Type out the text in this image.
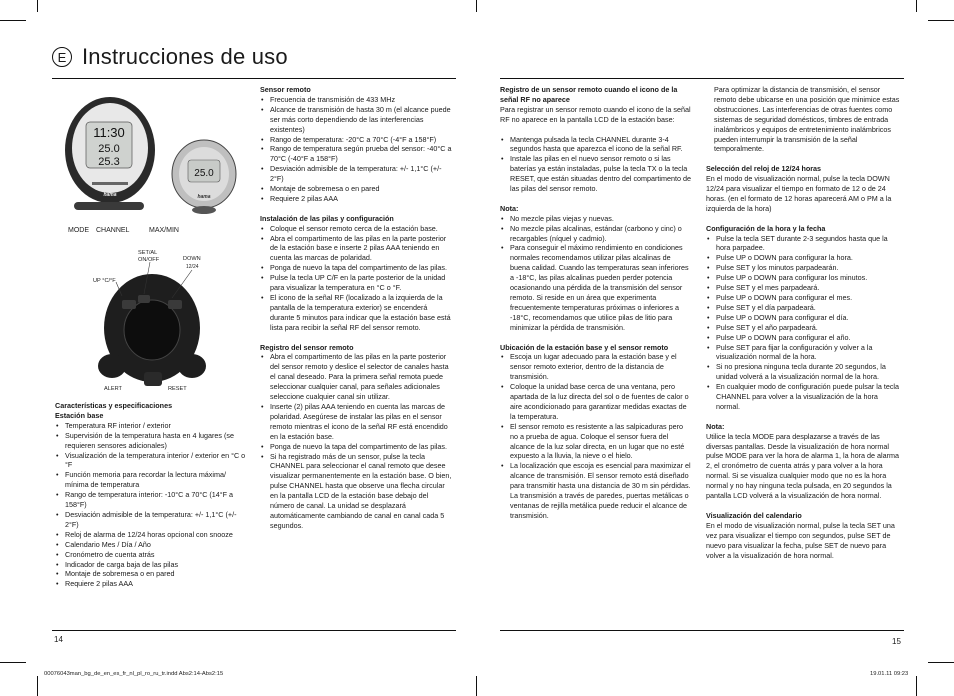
E Instrucciones de uso
11:30
25.0
25.3
hama
25.0
hama
MODE CHANNEL	MAX/MIN
SET/AL
ON/OFF	DOWN
12/24
UP °C/°F
ALERT	RESET
Características y especificaciones
Estación base
• Temperatura RF interior / exterior
• Supervisión de la temperatura hasta en 4 lugares (se requieren sensores adicionales)
• Visualización de la temperatura interior / exterior en °C o °F
• Función memoria para recordar la lectura máxima/ mínima de temperatura
• Rango de temperatura interior: -10°C a 70°C (14°F a 158°F)
• Desviación admisible de la temperatura: +/- 1,1°C (+/- 2°F)
• Reloj de alarma de 12/24 horas opcional con snooze
• Calendario Mes / Día / Año
• Cronómetro de cuenta atrás
• Indicador de carga baja de las pilas
• Montaje de sobremesa o en pared
• Requiere 2 pilas AAA
Sensor remoto
• Frecuencia de transmisión de 433 MHz
• Alcance de transmisión de hasta 30 m (el alcance puede ser más corto dependiendo de las interferencias existentes)
• Rango de temperatura: -20°C a 70°C (-4°F a 158°F)
• Rango de temperatura según prueba del sensor: -40°C a 70°C (-40°F a 158°F)
• Desviación admisible de la temperatura: +/- 1,1°C (+/- 2°F)
• Montaje de sobremesa o en pared
• Requiere 2 pilas AAA
Instalación de las pilas y configuración
• Coloque el sensor remoto cerca de la estación base.
• Abra el compartimento de las pilas en la parte posterior de la estación base e inserte 2 pilas AAA teniendo en cuenta las marcas de polaridad.
• Ponga de nuevo la tapa del compartimento de las pilas.
• Pulse la tecla UP C/F en la parte posterior de la unidad para visualizar la temperatura en °C o °F.
• El icono de la señal RF (localizado a la izquierda de la pantalla de la temperatura exterior) se encenderá durante 5 minutos para indicar que la estación base está lista para recibir la señal RF del sensor remoto.
Registro del sensor remoto
• Abra el compartimento de las pilas en la parte posterior del sensor remoto y deslice el selector de canales hasta el canal deseado. Para la primera señal remota puede seleccionar cualquier canal, para señales adicionales seleccione cualquier canal sin utilizar.
• Inserte (2) pilas AAA teniendo en cuenta las marcas de polaridad. Asegúrese de instalar las pilas en el sensor remoto mientras el icono de la señal RF está encendido en la estación base.
• Ponga de nuevo la tapa del compartimento de las pilas.
• Si ha registrado más de un sensor, pulse la tecla CHANNEL para seleccionar el canal remoto que desee visualizar permanentemente en la estación base. O bien, pulse CHANNEL hasta que observe una flecha circular en la pantalla LCD de la estación base debajo del número de canal. La unidad se desplazará automáticamente cambiando de canal en canal cada 5 segundos.
Registro de un sensor remoto cuando el icono de la señal RF no aparece

Para registrar un sensor remoto cuando el icono de la señal RF no aparece en la pantalla LCD de la estación base:

• Mantenga pulsada la tecla CHANNEL durante 3-4 segundos hasta que aparezca el icono de la señal RF.
• Instale las pilas en el nuevo sensor remoto o si las baterías ya están instaladas, pulse la tecla TX o la tecla RESET, que están situadas dentro del compartimento de las pilas del sensor remoto.
Nota:
• No mezcle pilas viejas y nuevas.
• No mezcle pilas alcalinas, estándar (carbono y cinc) o recargables (níquel y cadmio).
• Para conseguir el máximo rendimiento en condiciones normales recomendamos utilizar pilas alcalinas de buena calidad. Cuando las temperaturas sean inferiores a -18°C, las pilas alcalinas pueden perder potencia ocasionando una pérdida de la transmisión del sensor remoto. Si reside en un área que experimenta frecuentemente temperaturas próximas o inferiores a -18°C, recomendamos que utilice pilas de litio para minimizar la pérdida de transmisión.
Ubicación de la estación base y el sensor remoto
• Escoja un lugar adecuado para la estación base y el sensor remoto exterior, dentro de la distancia de transmisión.
• Coloque la unidad base cerca de una ventana, pero apartada de la luz directa del sol o de fuentes de calor o aire acondicionado para garantizar medidas exactas de la temperatura.
• El sensor remoto es resistente a las salpicaduras pero no a prueba de agua. Coloque el sensor fuera del alcance de la luz solar directa, en un lugar que no esté expuesto a la lluvia, la nieve o el hielo.
• La localización que escoja es esencial para maximizar el alcance de transmisión. El sensor remoto está diseñado para transmitir hasta una distancia de 30 m sin pérdidas. La transmisión a través de paredes, puertas metálicas o ventanas de rejilla metálica puede reducir el alcance de transmisión.

Para optimizar la distancia de transmisión, el sensor remoto debe ubicarse en una posición que minimice estas obstrucciones. Las interferencias de otras fuentes como sistemas de seguridad domésticos, timbres de entrada inalámbricos y equipos de entretenimiento inalámbricos pueden interrumpir la transmisión de la señal temporalmente.

Selección del reloj de 12/24 horas

En el modo de visualización normal, pulse la tecla DOWN 12/24 para visualizar el tiempo en formato de 12 o de 24 horas. (en el formato de 12 horas aparecerá AM o PM a la izquierda de la hora)

Configuración de la hora y la fecha
• Pulse la tecla SET durante 2-3 segundos hasta que la hora parpadee.
• Pulse UP o DOWN para configurar la hora.
• Pulse SET y los minutos parpadearán.
• Pulse UP o DOWN para configurar los minutos.
• Pulse SET y el mes parpadeará.
• Pulse UP o DOWN para configurar el mes.
• Pulse SET y el día parpadeará.
• Pulse UP o DOWN para configurar el día.
• Pulse SET y el año parpadeará.
• Pulse UP o DOWN para configurar el año.
• Pulse SET para fijar la configuración y volver a la visualización normal de la hora.
• Si no presiona ninguna tecla durante 20 segundos, la unidad volverá a la visualización normal de la hora.
• En cualquier modo de configuración puede pulsar la tecla CHANNEL para volver a la visualización de la hora normal.
Nota:

Utilice la tecla MODE para desplazarse a través de las diversas pantallas. Desde la visualización de hora normal pulse MODE para ver la hora de alarma 1, la hora de alarma 2, el cronómetro de cuenta atrás y para volver a la hora normal. Si se visualiza cualquier modo que no es la hora normal y no hay ninguna tecla pulsada, en 20 segundos la pantalla LCD volverá a la visualización de hora normal.

Visualización del calendario

En el modo de visualización normal, pulse la tecla SET una vez para visualizar el tiempo con segundos, pulse SET de nuevo para visualizar la fecha, pulse SET de nuevo para volver a la visualización de hora normal.

14	15
00076043man_bg_de_en_es_fr_nl_pl_ro_ru_tr.indd Abs2:14-Abs2:15	19.01.11 09:23
